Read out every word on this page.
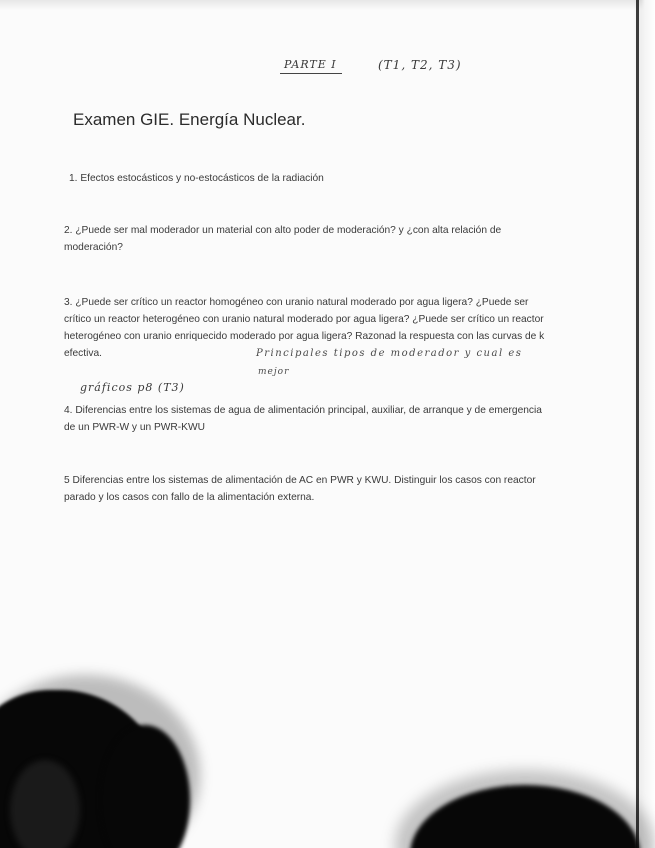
PARTE I	(T1, T2, T3)
Examen GIE. Energía Nuclear.
1. Efectos estocásticos y no-estocásticos de la radiación
2. ¿Puede ser mal moderador un material con alto poder de moderación? y ¿con alta relación de moderación?
3. ¿Puede ser crítico un reactor homogéneo con uranio natural moderado por agua ligera? ¿Puede ser crítico un reactor heterogéneo con uranio natural moderado por agua ligera? ¿Puede ser crítico un reactor heterogéneo con uranio enriquecido moderado por agua ligera? Razonad la respuesta con las curvas de k efectiva.	Principales tipos de moderador y cual es
mejor
gráficos p8 (T3)
4. Diferencias entre los sistemas de agua de alimentación principal, auxiliar, de arranque y de emergencia de un PWR-W y un PWR-KWU
5 Diferencias entre los sistemas de alimentación de AC en PWR y KWU. Distinguir los casos con reactor parado y los casos con fallo de la alimentación externa.
